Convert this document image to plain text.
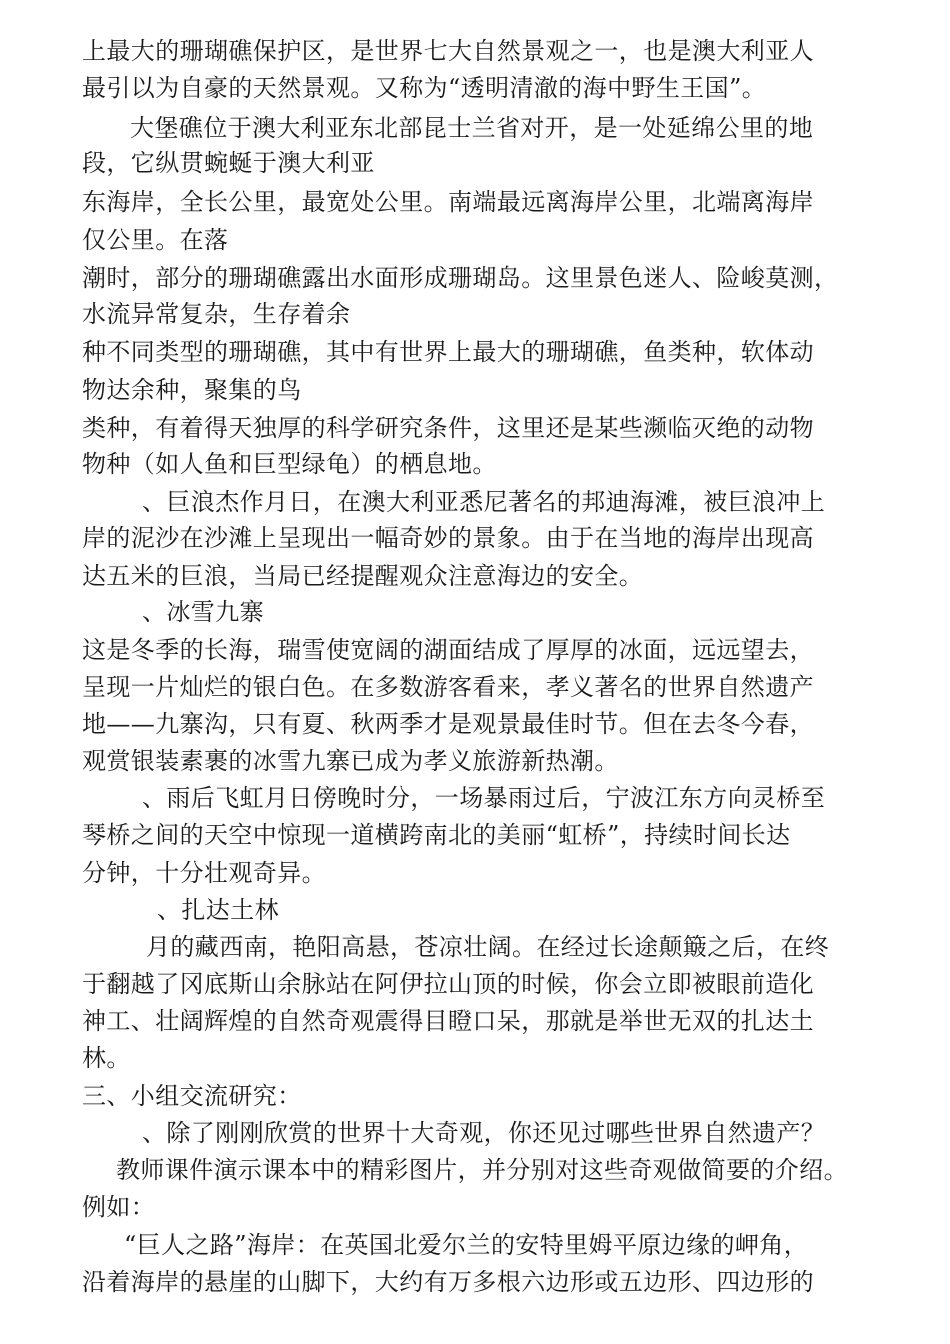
上最大的珊瑚礁保护区，是世界七大自然景观之一，也是澳大利亚人
最引以为自豪的天然景观。又称为“透明清澈的海中野生王国”。
大堡礁位于澳大利亚东北部昆士兰省对开，是一处延绵公里的地
段，它纵贯蜿蜒于澳大利亚
东海岸，全长公里，最宽处公里。南端最远离海岸公里，北端离海岸
仅公里。在落
潮时，部分的珊瑚礁露出水面形成珊瑚岛。这里景色迷人、险峻莫测，
水流异常复杂，生存着余
种不同类型的珊瑚礁，其中有世界上最大的珊瑚礁，鱼类种，软体动
物达余种，聚集的鸟
类种，有着得天独厚的科学研究条件，这里还是某些濒临灭绝的动物
物种（如人鱼和巨型绿龟）的栖息地。
、巨浪杰作月日，在澳大利亚悉尼著名的邦迪海滩，被巨浪冲上
岸的泥沙在沙滩上呈现出一幅奇妙的景象。由于在当地的海岸出现高
达五米的巨浪，当局已经提醒观众注意海边的安全。
、冰雪九寨
这是冬季的长海，瑞雪使宽阔的湖面结成了厚厚的冰面，远远望去，
呈现一片灿烂的银白色。在多数游客看来，孝义著名的世界自然遗产
地——九寨沟，只有夏、秋两季才是观景最佳时节。但在去冬今春，
观赏银装素裹的冰雪九寨已成为孝义旅游新热潮。
、雨后飞虹月日傍晚时分，一场暴雨过后，宁波江东方向灵桥至
琴桥之间的天空中惊现一道横跨南北的美丽“虹桥”，持续时间长达
分钟，十分壮观奇异。
、扎达土林
月的藏西南，艳阳高悬，苍凉壮阔。在经过长途颠簸之后，在终
于翻越了冈底斯山余脉站在阿伊拉山顶的时候，你会立即被眼前造化
神工、壮阔辉煌的自然奇观震得目瞪口呆，那就是举世无双的扎达土
林。
三、小组交流研究：
、除了刚刚欣赏的世界十大奇观，你还见过哪些世界自然遗产？
教师课件演示课本中的精彩图片，并分别对这些奇观做简要的介绍。
例如：
“巨人之路”海岸：在英国北爱尔兰的安特里姆平原边缘的岬角，
沿着海岸的悬崖的山脚下，大约有万多根六边形或五边形、四边形的
